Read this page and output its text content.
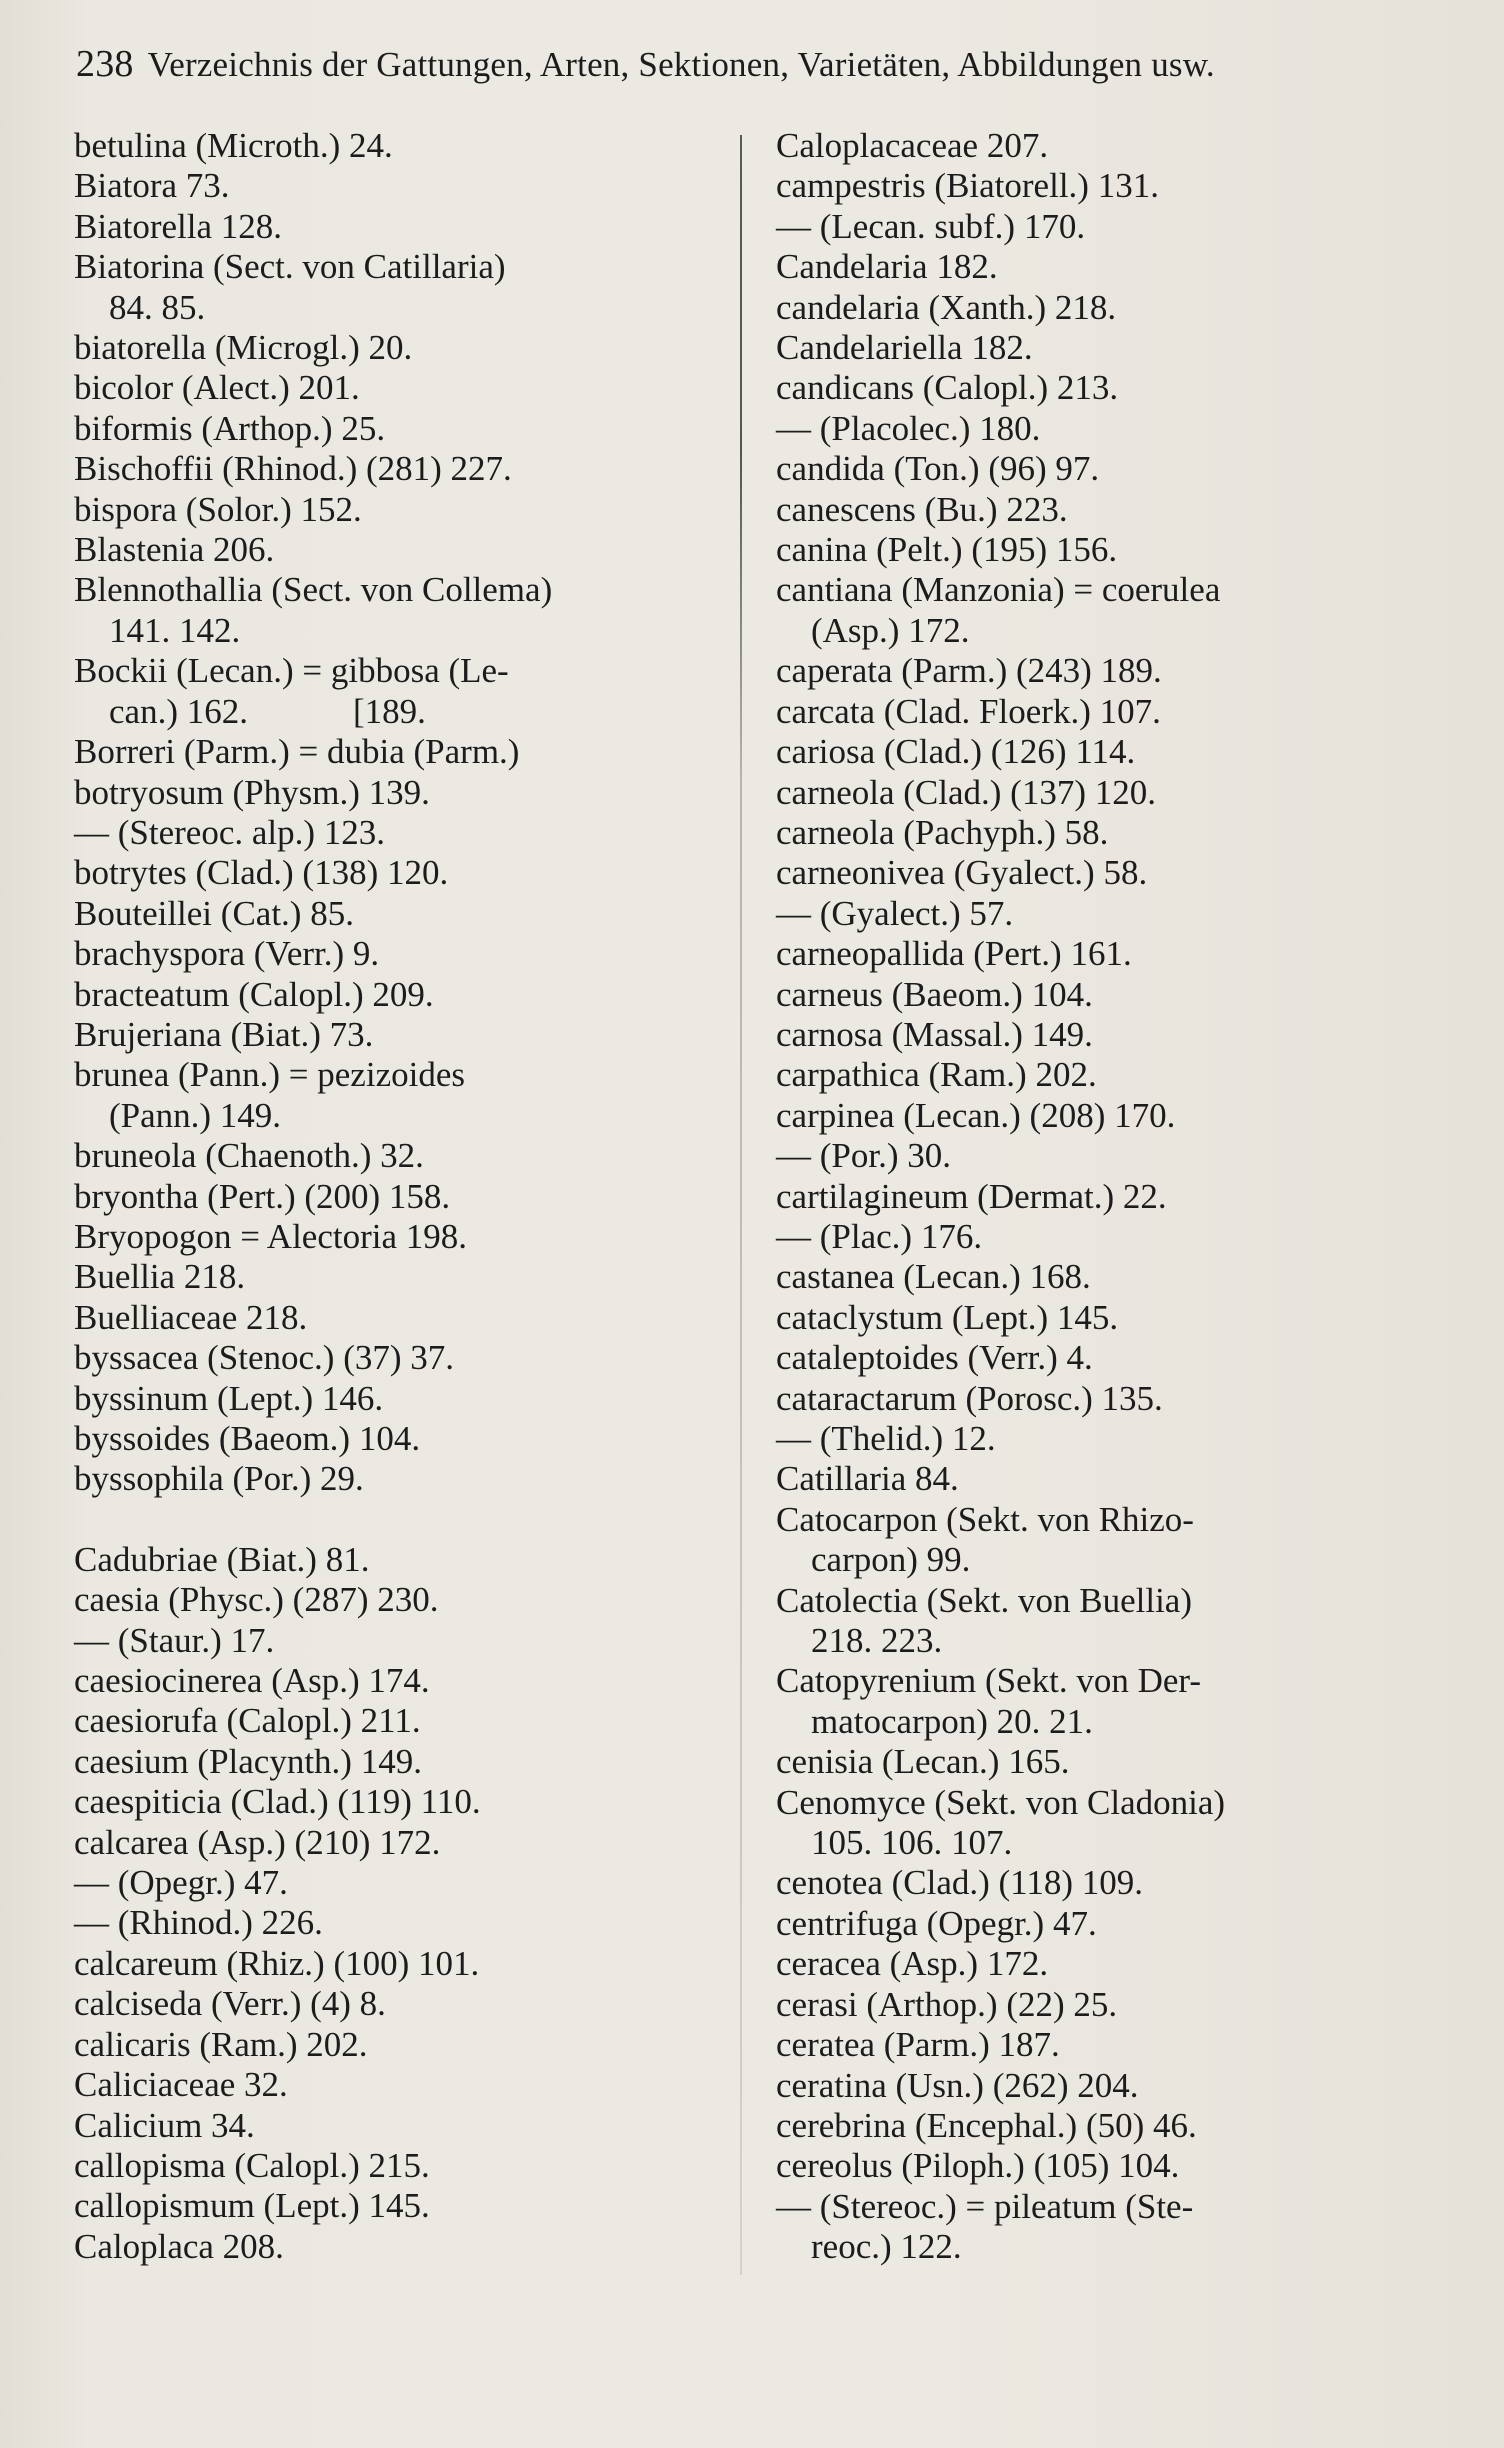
238 Verzeichnis der Gattungen, Arten, Sektionen, Varietäten, Abbildungen usw.
betulina (Microth.) 24.
Biatora 73.
Biatorella 128.
Biatorina (Sect. von Catillaria)
84. 85.
biatorella (Microgl.) 20.
bicolor (Alect.) 201.
biformis (Arthop.) 25.
Bischoffii (Rhinod.) (281) 227.
bispora (Solor.) 152.
Blastenia 206.
Blennothallia (Sect. von Collema)
141. 142.
Bockii (Lecan.) = gibbosa (Le-
can.) 162.            [189.
Borreri (Parm.) = dubia (Parm.)
botryosum (Physm.) 139.
— (Stereoc. alp.) 123.
botrytes (Clad.) (138) 120.
Bouteillei (Cat.) 85.
brachyspora (Verr.) 9.
bracteatum (Calopl.) 209.
Brujeriana (Biat.) 73.
brunea (Pann.) = pezizoides
(Pann.) 149.
bruneola (Chaenoth.) 32.
bryontha (Pert.) (200) 158.
Bryopogon = Alectoria 198.
Buellia 218.
Buelliaceae 218.
byssacea (Stenoc.) (37) 37.
byssinum (Lept.) 146.
byssoides (Baeom.) 104.
byssophila (Por.) 29.
Cadubriae (Biat.) 81.
caesia (Physc.) (287) 230.
— (Staur.) 17.
caesiocinerea (Asp.) 174.
caesiorufa (Calopl.) 211.
caesium (Placynth.) 149.
caespiticia (Clad.) (119) 110.
calcarea (Asp.) (210) 172.
— (Opegr.) 47.
— (Rhinod.) 226.
calcareum (Rhiz.) (100) 101.
calciseda (Verr.) (4) 8.
calicaris (Ram.) 202.
Caliciaceae 32.
Calicium 34.
callopisma (Calopl.) 215.
callopismum (Lept.) 145.
Caloplaca 208.
Caloplacaceae 207.
campestris (Biatorell.) 131.
— (Lecan. subf.) 170.
Candelaria 182.
candelaria (Xanth.) 218.
Candelariella 182.
candicans (Calopl.) 213.
— (Placolec.) 180.
candida (Ton.) (96) 97.
canescens (Bu.) 223.
canina (Pelt.) (195) 156.
cantiana (Manzonia) = coerulea
(Asp.) 172.
caperata (Parm.) (243) 189.
carcata (Clad. Floerk.) 107.
cariosa (Clad.) (126) 114.
carneola (Clad.) (137) 120.
carneola (Pachyph.) 58.
carneonivea (Gyalect.) 58.
— (Gyalect.) 57.
carneopallida (Pert.) 161.
carneus (Baeom.) 104.
carnosa (Massal.) 149.
carpathica (Ram.) 202.
carpinea (Lecan.) (208) 170.
— (Por.) 30.
cartilagineum (Dermat.) 22.
— (Plac.) 176.
castanea (Lecan.) 168.
cataclystum (Lept.) 145.
cataleptoides (Verr.) 4.
cataractarum (Porosc.) 135.
— (Thelid.) 12.
Catillaria 84.
Catocarpon (Sekt. von Rhizo-
carpon) 99.
Catolectia (Sekt. von Buellia)
218. 223.
Catopyrenium (Sekt. von Der-
matocarpon) 20. 21.
cenisia (Lecan.) 165.
Cenomyce (Sekt. von Cladonia)
105. 106. 107.
cenotea (Clad.) (118) 109.
centrifuga (Opegr.) 47.
ceracea (Asp.) 172.
cerasi (Arthop.) (22) 25.
ceratea (Parm.) 187.
ceratina (Usn.) (262) 204.
cerebrina (Encephal.) (50) 46.
cereolus (Piloph.) (105) 104.
— (Stereoc.) = pileatum (Ste-
reoc.) 122.
